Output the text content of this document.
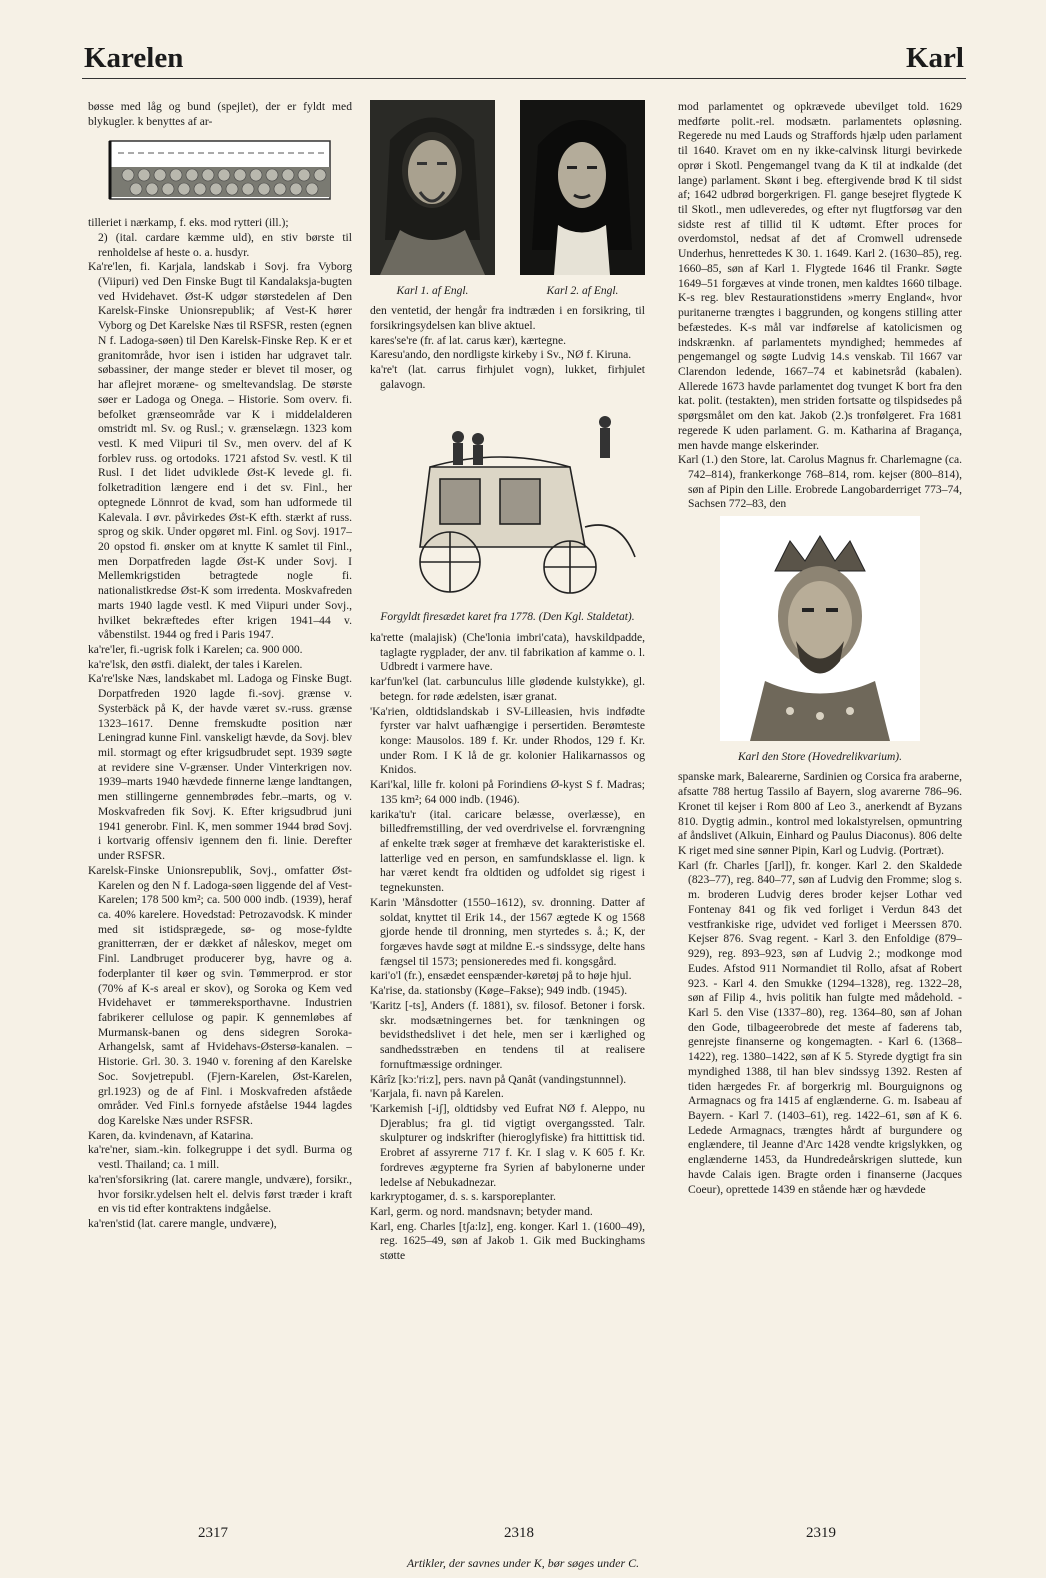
Karelen	Karl

bøsse med låg og bund (spejlet), der er fyldt med blykugler. k benyttes af ar-

tilleriet i nærkamp, f. eks. mod rytteri (ill.);

2) (ital. cardare kæmme uld), en stiv børste til renholdelse af heste o. a. husdyr.

Ka're'len, fi. Karjala, landskab i Sovj. fra Vyborg (Viipuri) ved Den Finske Bugt til Kandalaksja-bugten ved Hvidehavet. Øst-K udgør størstedelen af Den Karelsk-Finske Unionsrepublik; af Vest-K hører Vyborg og Det Karelske Næs til RSFSR, resten (egnen N f. Ladoga-søen) til Den Karelsk-Finske Rep. K er et granitområde, hvor isen i istiden har udgravet talr. søbassiner, der mange steder er blevet til moser, og har aflejret moræne- og smeltevandslag. De største søer er Ladoga og Onega. – Historie. Som overv. fi. befolket grænseområde var K i middelalderen omstridt ml. Sv. og Rusl.; v. grænselægn. 1323 kom vestl. K med Viipuri til Sv., men overv. del af K forblev russ. og ortodoks. 1721 afstod Sv. vestl. K til Rusl. I det lidet udviklede Øst-K levede gl. fi. folketradition længere end i det sv. Finl., her optegnede Lönnrot de kvad, som han udformede til Kalevala. I øvr. påvirkedes Øst-K efth. stærkt af russ. sprog og skik. Under opgøret ml. Finl. og Sovj. 1917–20 opstod fi. ønsker om at knytte K samlet til Finl., men Dorpatfreden lagde Øst-K under Sovj. I Mellemkrigstiden betragtede nogle fi. nationalistkredse Øst-K som irredenta. Moskvafreden marts 1940 lagde vestl. K med Viipuri under Sovj., hvilket bekræftedes efter krigen 1941–44 v. våbenstilst. 1944 og fred i Paris 1947.

ka're'ler, fi.-ugrisk folk i Karelen; ca. 900 000.

ka're'lsk, den østfi. dialekt, der tales i Karelen.

Ka're'lske Næs, landskabet ml. Ladoga og Finske Bugt. Dorpatfreden 1920 lagde fi.-sovj. grænse v. Systerbäck på K, der havde været sv.-russ. grænse 1323–1617. Denne fremskudte position nær Leningrad kunne Finl. vanskeligt hævde, da Sovj. blev mil. stormagt og efter krigsudbrudet sept. 1939 søgte at revidere sine V-grænser. Under Vinterkrigen nov. 1939–marts 1940 hævdede finnerne længe landtangen, men stillingerne gennembrødes febr.–marts, og v. Moskvafreden fik Sovj. K. Efter krigsudbrud juni 1941 generobr. Finl. K, men sommer 1944 brød Sovj. i kortvarig offensiv igennem den fi. linie. Derefter under RSFSR.

Karelsk-Finske Unionsrepublik, Sovj., omfatter Øst-Karelen og den N f. Ladoga-søen liggende del af Vest-Karelen; 178 500 km²; ca. 500 000 indb. (1939), heraf ca. 40% karelere. Hovedstad: Petrozavodsk. K minder med sit istidsprægede, sø- og mose-fyldte granitterræn, der er dækket af nåleskov, meget om Finl. Landbruget producerer byg, havre og a. foderplanter til køer og svin. Tømmerprod. er stor (70% af K-s areal er skov), og Soroka og Kem ved Hvidehavet er tømmereksporthavne. Industrien fabrikerer cellulose og papir. K gennemløbes af Murmansk-banen og dens sidegren Soroka-Arhangelsk, samt af Hvidehavs-Østersø-kanalen. – Historie. Grl. 30. 3. 1940 v. forening af den Karelske Soc. Sovjetrepubl. (Fjern-Karelen, Øst-Karelen, grl.1923) og de af Finl. i Moskvafreden afståede områder. Ved Finl.s fornyede afståelse 1944 lagdes dog Karelske Næs under RSFSR.

Karen, da. kvindenavn, af Katarina.

ka're'ner, siam.-kin. folkegruppe i det sydl. Burma og vestl. Thailand; ca. 1 mill.

ka'ren'sforsikring (lat. carere mangle, undvære), forsikr., hvor forsikr.ydelsen helt el. delvis først træder i kraft en vis tid efter kontraktens indgåelse.

ka'ren'stid (lat. carere mangle, undvære),

Karl 1. af Engl.	Karl 2. af Engl.

den ventetid, der hengår fra indtræden i en forsikring, til forsikringsydelsen kan blive aktuel.

kares'se're (fr. af lat. carus kær), kærtegne.

Karesu'ando, den nordligste kirkeby i Sv., NØ f. Kiruna.

ka're't (lat. carrus firhjulet vogn), lukket, firhjulet galavogn.

Forgyldt firesædet karet fra 1778. (Den Kgl. Staldetat).

ka'rette (malajisk) (Che'lonia imbri'cata), havskildpadde, taglagte rygplader, der anv. til fabrikation af kamme o. l. Udbredt i varmere have.

kar'fun'kel (lat. carbunculus lille glødende kulstykke), gl. betegn. for røde ædelsten, især granat.

'Ka'rien, oldtidslandskab i SV-Lilleasien, hvis indfødte fyrster var halvt uafhængige i persertiden. Berømteste konge: Mausolos. 189 f. Kr. under Rhodos, 129 f. Kr. under Rom. I K lå de gr. kolonier Halikarnassos og Knidos.

Kari'kal, lille fr. koloni på Forindiens Ø-kyst S f. Madras; 135 km²; 64 000 indb. (1946).

karika'tu'r (ital. caricare belæsse, overlæsse), en billedfremstilling, der ved overdrivelse el. forvrængning af enkelte træk søger at fremhæve det karakteristiske el. latterlige ved en person, en samfundsklasse el. lign. k har været kendt fra oldtiden og udfoldet sig rigest i tegnekunsten.

Karin 'Månsdotter (1550–1612), sv. dronning. Datter af soldat, knyttet til Erik 14., der 1567 ægtede K og 1568 gjorde hende til dronning, men styrtedes s. å.; K, der forgæves havde søgt at mildne E.-s sindssyge, delte hans fængsel til 1573; pensioneredes med fi. kongsgård.

kari'o'l (fr.), ensædet eenspænder-køretøj på to høje hjul.

Ka'rise, da. stationsby (Køge–Fakse); 949 indb. (1945).

'Karitz [-ts], Anders (f. 1881), sv. filosof. Betoner i forsk. skr. modsætningernes bet. for tænkningen og bevidsthedslivet i det hele, men ser i kærlighed og sandhedsstræben en tendens til at realisere fornuftmæssige ordninger.

Kârîz [kɔ:'ri:z], pers. navn på Qanât (vandingstunnnel).

'Karjala, fi. navn på Karelen.

'Karkemish [-iʃ], oldtidsby ved Eufrat NØ f. Aleppo, nu Djerablus; fra gl. tid vigtigt overgangssted. Talr. skulpturer og indskrifter (hieroglyfiske) fra hittittisk tid. Erobret af assyrerne 717 f. Kr. I slag v. K 605 f. Kr. fordreves ægypterne fra Syrien af babylonerne under ledelse af Nebukadnezar.

karkryptogamer, d. s. s. karsporeplanter.

Karl, germ. og nord. mandsnavn; betyder mand.

Karl, eng. Charles [tʃa:lz], eng. konger. Karl 1. (1600–49), reg. 1625–49, søn af Jakob 1. Gik med Buckinghams støtte

mod parlamentet og opkrævede ubevilget told. 1629 medførte polit.-rel. modsætn. parlamentets opløsning. Regerede nu med Lauds og Straffords hjælp uden parlament til 1640. Kravet om en ny ikke-calvinsk liturgi bevirkede oprør i Skotl. Pengemangel tvang da K til at indkalde (det lange) parlament. Skønt i beg. eftergivende brød K til sidst af; 1642 udbrød borgerkrigen. Fl. gange besejret flygtede K til Skotl., men udleveredes, og efter nyt flugtforsøg var den sidste rest af tillid til K udtømt. Efter proces for overdomstol, nedsat af det af Cromwell udrensede Underhus, henrettedes K 30. 1. 1649. Karl 2. (1630–85), reg. 1660–85, søn af Karl 1. Flygtede 1646 til Frankr. Søgte 1649–51 forgæves at vinde tronen, men kaldtes 1660 tilbage. K-s reg. blev Restaurationstidens »merry England«, hvor puritanerne trængtes i baggrunden, og kongens stilling atter befæstedes. K-s mål var indførelse af katolicismen og indskrænkn. af parlamentets myndighed; hemmedes af pengemangel og søgte Ludvig 14.s venskab. Til 1667 var Clarendon ledende, 1667–74 et kabinetsråd (kabalen). Allerede 1673 havde parlamentet dog tvunget K bort fra den kat. polit. (testakten), men striden fortsatte og tilspidsedes på spørgsmålet om den kat. Jakob (2.)s tronfølgeret. Fra 1681 regerede K uden parlament. G. m. Katharina af Bragança, men havde mange elskerinder.

Karl (1.) den Store, lat. Carolus Magnus fr. Charlemagne (ca. 742–814), frankerkonge 768–814, rom. kejser (800–814), søn af Pipin den Lille. Erobrede Langobarderriget 773–74, Sachsen 772–83, den

Karl den Store (Hovedrelikvarium).

spanske mark, Balearerne, Sardinien og Corsica fra araberne, afsatte 788 hertug Tassilo af Bayern, slog avarerne 786–96. Kronet til kejser i Rom 800 af Leo 3., anerkendt af Byzans 810. Dygtig admin., kontrol med lokalstyrelsen, opmuntring af åndslivet (Alkuin, Einhard og Paulus Diaconus). 806 delte K riget med sine sønner Pipin, Karl og Ludvig. (Portræt).

Karl (fr. Charles [ʃarl]), fr. konger. Karl 2. den Skaldede (823–77), reg. 840–77, søn af Ludvig den Fromme; slog s. m. broderen Ludvig deres broder kejser Lothar ved Fontenay 841 og fik ved forliget i Verdun 843 det vestfrankiske rige, udvidet ved forliget i Meerssen 870. Kejser 876. Svag regent. - Karl 3. den Enfoldige (879–929), reg. 893–923, søn af Ludvig 2.; modkonge mod Eudes. Afstod 911 Normandiet til Rollo, afsat af Robert 923. - Karl 4. den Smukke (1294–1328), reg. 1322–28, søn af Filip 4., hvis politik han fulgte med mådehold. - Karl 5. den Vise (1337–80), reg. 1364–80, søn af Johan den Gode, tilbageerobrede det meste af faderens tab, genrejste finanserne og kongemagten. - Karl 6. (1368–1422), reg. 1380–1422, søn af K 5. Styrede dygtigt fra sin myndighed 1388, til han blev sindssyg 1392. Resten af tiden hærgedes Fr. af borgerkrig ml. Bourguignons og Armagnacs og fra 1415 af englænderne. G. m. Isabeau af Bayern. - Karl 7. (1403–61), reg. 1422–61, søn af K 6. Ledede Armagnacs, trængtes hårdt af burgundere og englændere, til Jeanne d'Arc 1428 vendte krigslykken, og englænderne 1453, da Hundredeårskrigen sluttede, kun havde Calais igen. Bragte orden i finanserne (Jacques Coeur), oprettede 1439 en stående hær og hævdede

2317	2318	2319
Artikler, der savnes under K, bør søges under C.
